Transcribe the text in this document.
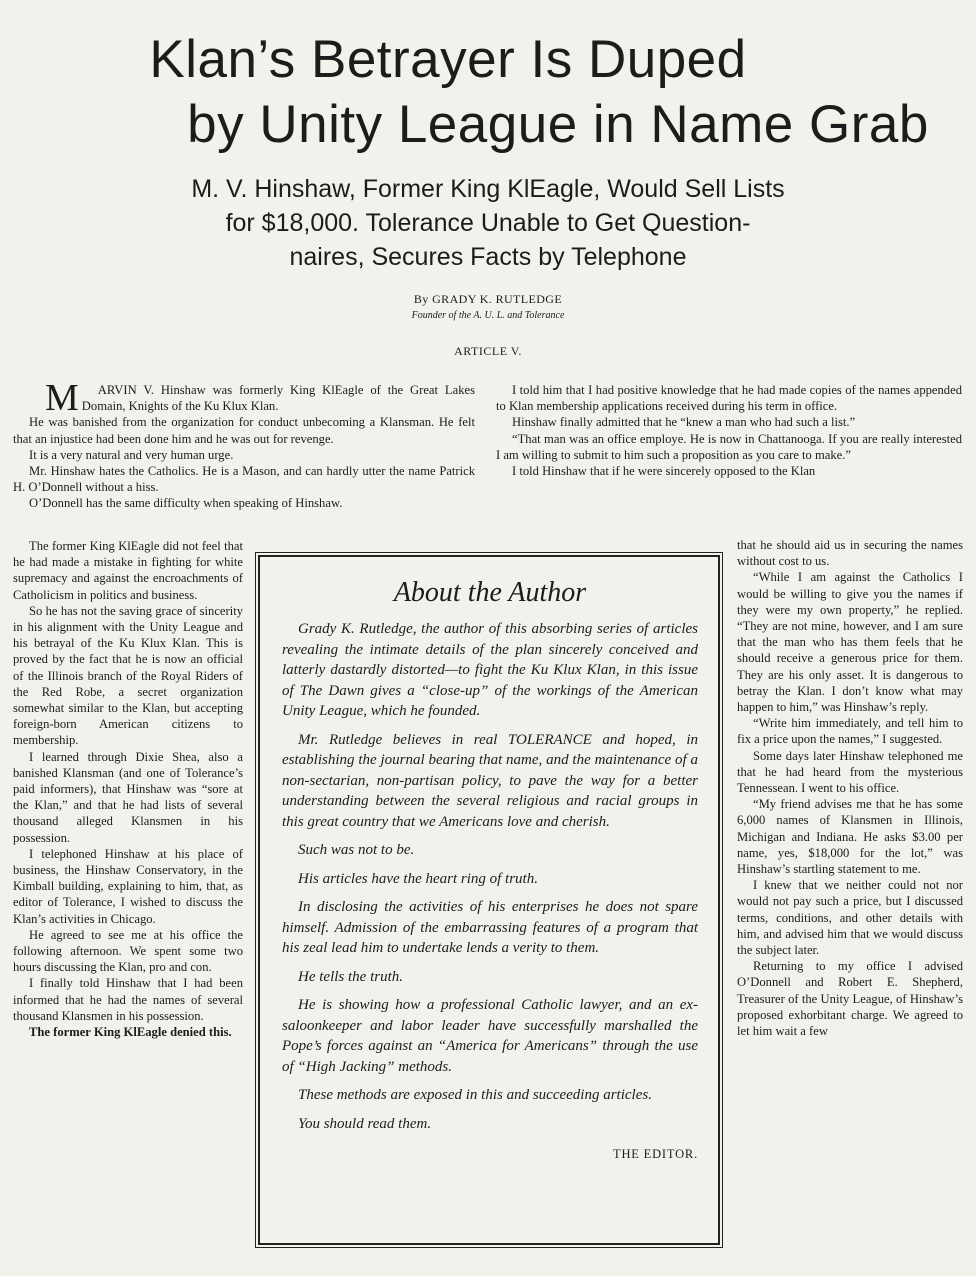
Klan’s Betrayer Is Duped
by Unity League in Name Grab
M. V. Hinshaw, Former King KlEagle, Would Sell Lists
for $18,000. Tolerance Unable to Get Question-
naires, Secures Facts by Telephone
By GRADY K. RUTLEDGE
Founder of the A. U. L. and Tolerance
ARTICLE V.

M ARVIN V. Hinshaw was formerly King KlEagle of the Great Lakes Domain, Knights of the Ku Klux Klan.

He was banished from the organization for conduct unbecoming a Klansman. He felt that an injustice had been done him and he was out for revenge.

It is a very natural and very human urge.

Mr. Hinshaw hates the Catholics. He is a Mason, and can hardly utter the name Patrick H. O’Donnell without a hiss.

O’Donnell has the same difficulty when speaking of Hinshaw.

I told him that I had positive knowledge that he had made copies of the names appended to Klan membership applications received during his term in office.

Hinshaw finally admitted that he “knew a man who had such a list.”

“That man was an office employe. He is now in Chattanooga. If you are really interested I am willing to submit to him such a proposition as you care to make.”

I told Hinshaw that if he were sincerely opposed to the Klan

The former King KlEagle did not feel that he had made a mistake in fighting for white supremacy and against the encroachments of Catholicism in politics and business.

So he has not the saving grace of sincerity in his alignment with the Unity League and his betrayal of the Ku Klux Klan. This is proved by the fact that he is now an official of the Illinois branch of the Royal Riders of the Red Robe, a secret organization somewhat similar to the Klan, but accepting foreign-born American citizens to membership.

I learned through Dixie Shea, also a banished Klansman (and one of Tolerance’s paid informers), that Hinshaw was “sore at the Klan,” and that he had lists of several thousand alleged Klansmen in his possession.

I telephoned Hinshaw at his place of business, the Hinshaw Conservatory, in the Kimball building, explaining to him, that, as editor of Tolerance, I wished to discuss the Klan’s activities in Chicago.

He agreed to see me at his office the following afternoon. We spent some two hours discussing the Klan, pro and con.

I finally told Hinshaw that I had been informed that he had the names of several thousand Klansmen in his possession.

The former King KlEagle denied this.

About the Author

Grady K. Rutledge, the author of this absorbing series of articles revealing the intimate details of the plan sincerely conceived and latterly dastardly distorted—to fight the Ku Klux Klan, in this issue of The Dawn gives a “close-up” of the workings of the American Unity League, which he founded.

Mr. Rutledge believes in real TOLERANCE and hoped, in establishing the journal bearing that name, and the maintenance of a non-sectarian, non-partisan policy, to pave the way for a better understanding between the several religious and racial groups in this great country that we Americans love and cherish.

Such was not to be.

His articles have the heart ring of truth.

In disclosing the activities of his enterprises he does not spare himself. Admission of the embarrassing features of a program that his zeal lead him to undertake lends a verity to them.

He tells the truth.

He is showing how a professional Catholic lawyer, and an ex-saloonkeeper and labor leader have successfully marshalled the Pope’s forces against an “America for Americans” through the use of “High Jacking” methods.

These methods are exposed in this and succeeding articles.

You should read them.

THE EDITOR.

that he should aid us in securing the names without cost to us.

“While I am against the Catholics I would be willing to give you the names if they were my own property,” he replied. “They are not mine, however, and I am sure that the man who has them feels that he should receive a generous price for them. They are his only asset. It is dangerous to betray the Klan. I don’t know what may happen to him,” was Hinshaw’s reply.

“Write him immediately, and tell him to fix a price upon the names,” I suggested.

Some days later Hinshaw telephoned me that he had heard from the mysterious Tennessean. I went to his office.

“My friend advises me that he has some 6,000 names of Klansmen in Illinois, Michigan and Indiana. He asks $3.00 per name, yes, $18,000 for the lot,” was Hinshaw’s startling statement to me.

I knew that we neither could not nor would not pay such a price, but I discussed terms, conditions, and other details with him, and advised him that we would discuss the subject later.

Returning to my office I advised O’Donnell and Robert E. Shepherd, Treasurer of the Unity League, of Hinshaw’s proposed exhorbitant charge. We agreed to let him wait a few
